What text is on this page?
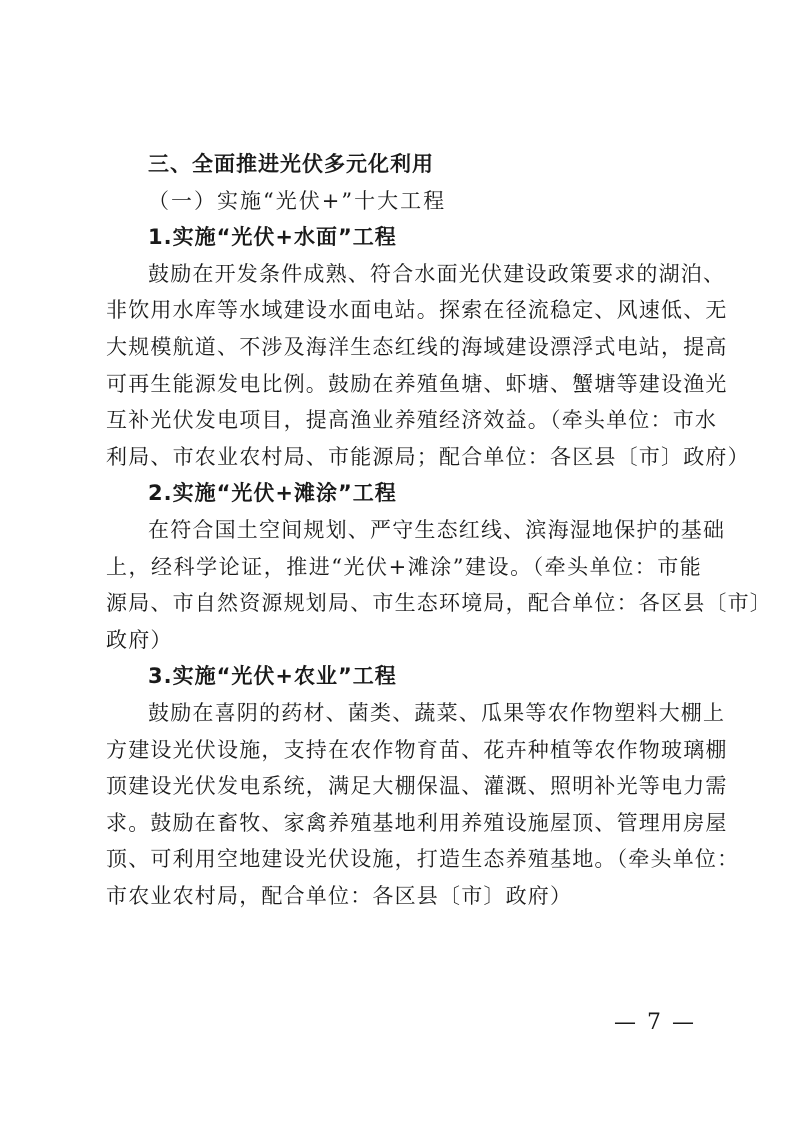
三、全面推进光伏多元化利用
（一）实施“光伏+”十大工程
1.实施“光伏+水面”工程
鼓励在开发条件成熟、符合水面光伏建设政策要求的湖泊、
非饮用水库等水域建设水面电站。探索在径流稳定、风速低、无
大规模航道、不涉及海洋生态红线的海域建设漂浮式电站，提高
可再生能源发电比例。鼓励在养殖鱼塘、虾塘、蟹塘等建设渔光
互补光伏发电项目，提高渔业养殖经济效益。（牵头单位：市水
利局、市农业农村局、市能源局；配合单位：各区县〔市〕政府）
2.实施“光伏+滩涂”工程
在符合国土空间规划、严守生态红线、滨海湿地保护的基础
上，经科学论证，推进“光伏+滩涂”建设。（牵头单位：市能
源局、市自然资源规划局、市生态环境局，配合单位：各区县〔市〕
政府）
3.实施“光伏+农业”工程
鼓励在喜阴的药材、菌类、蔬菜、瓜果等农作物塑料大棚上
方建设光伏设施，支持在农作物育苗、花卉种植等农作物玻璃棚
顶建设光伏发电系统，满足大棚保温、灌溉、照明补光等电力需
求。鼓励在畜牧、家禽养殖基地利用养殖设施屋顶、管理用房屋
顶、可利用空地建设光伏设施，打造生态养殖基地。（牵头单位：
市农业农村局，配合单位：各区县〔市〕政府）
— 7 —
